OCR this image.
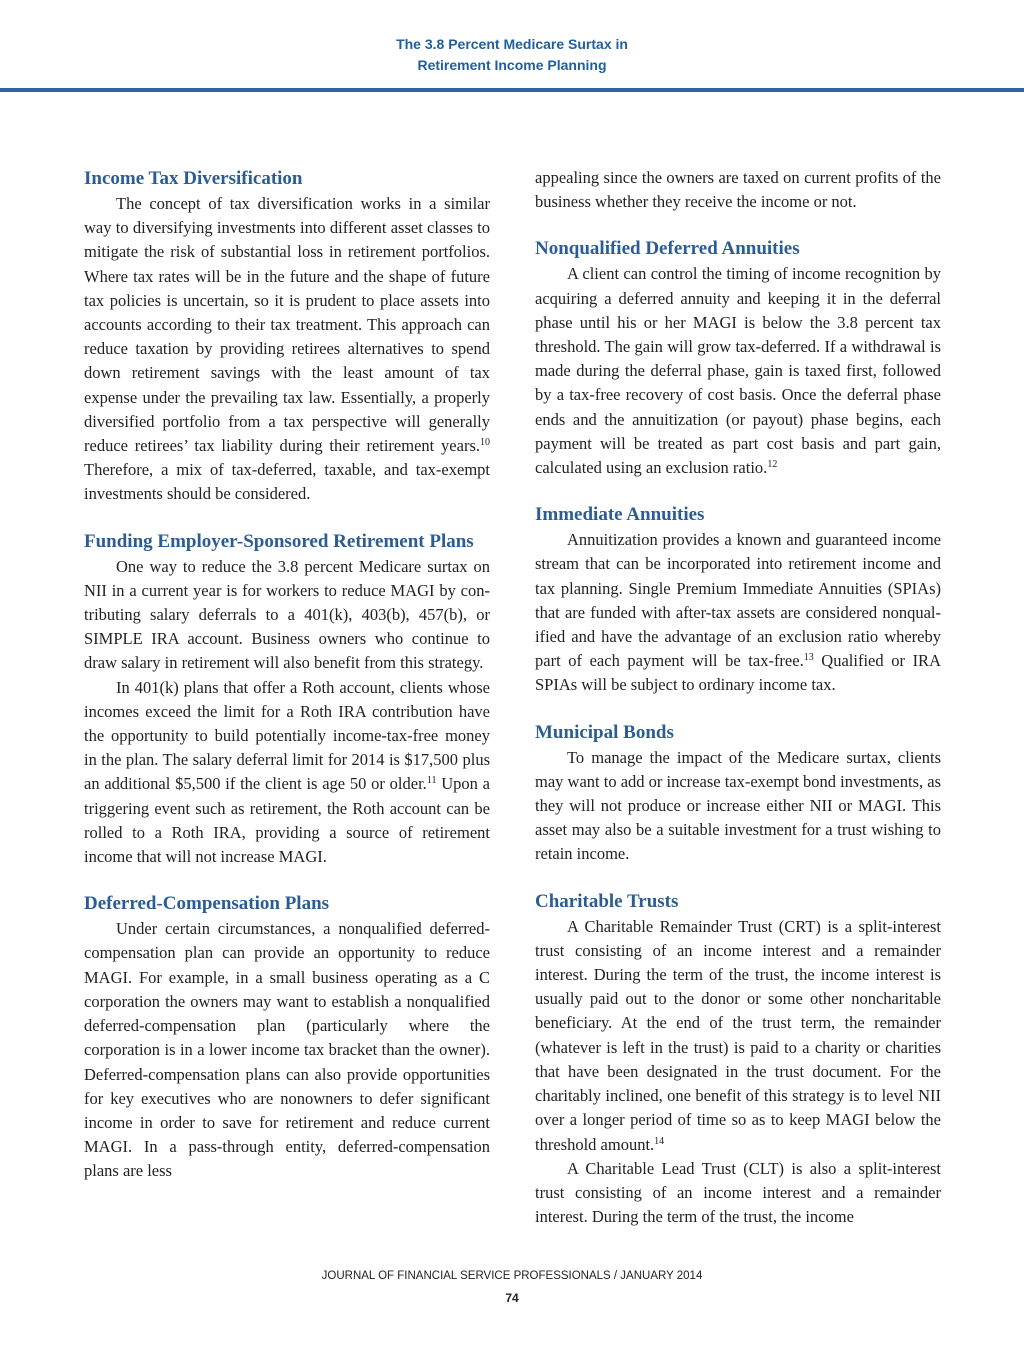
The 3.8 Percent Medicare Surtax in
Retirement Income Planning
Income Tax Diversification

The concept of tax diversification works in a similar way to diversifying investments into different asset classes to mitigate the risk of substantial loss in retirement portfolios. Where tax rates will be in the future and the shape of future tax policies is uncertain, so it is prudent to place assets into accounts according to their tax treatment. This approach can reduce taxation by providing retirees alternatives to spend down retirement savings with the least amount of tax expense under the prevailing tax law. Essentially, a properly diversified portfolio from a tax perspective will generally reduce retirees’ tax liability during their retirement years.$^{10}$ Therefore, a mix of tax-deferred, taxable, and tax-exempt investments should be considered.

Funding Employer-Sponsored Retirement Plans

One way to reduce the 3.8 percent Medicare surtax on NII in a current year is for workers to reduce MAGI by contributing salary deferrals to a 401(k), 403(b), 457(b), or SIMPLE IRA account. Business owners who continue to draw salary in retirement will also benefit from this strategy.

In 401(k) plans that offer a Roth account, clients whose incomes exceed the limit for a Roth IRA contribution have the opportunity to build potentially income-tax-free money in the plan. The salary deferral limit for 2014 is $17,500 plus an additional $5,500 if the client is age 50 or older.$^{11}$ Upon a triggering event such as retirement, the Roth account can be rolled to a Roth IRA, providing a source of retirement income that will not increase MAGI.

Deferred-Compensation Plans

Under certain circumstances, a nonqualified deferred-compensation plan can provide an opportunity to reduce MAGI. For example, in a small business operating as a C corporation the owners may want to establish a nonqualified deferred-compensation plan (particularly where the corporation is in a lower income tax bracket than the owner). Deferred-compensation plans can also provide opportunities for key executives who are nonowners to defer significant income in order to save for retirement and reduce current MAGI. In a pass-through entity, deferred-compensation plans are less

appealing since the owners are taxed on current profits of the business whether they receive the income or not.

Nonqualified Deferred Annuities

A client can control the timing of income recognition by acquiring a deferred annuity and keeping it in the deferral phase until his or her MAGI is below the 3.8 percent tax threshold. The gain will grow tax-deferred. If a withdrawal is made during the deferral phase, gain is taxed first, followed by a tax-free recovery of cost basis. Once the deferral phase ends and the annuitization (or payout) phase begins, each payment will be treated as part cost basis and part gain, calculated using an exclusion ratio.$^{12}$

Immediate Annuities

Annuitization provides a known and guaranteed income stream that can be incorporated into retirement income and tax planning. Single Premium Immediate Annuities (SPIAs) that are funded with after-tax assets are considered nonqualified and have the advantage of an exclusion ratio whereby part of each payment will be tax-free.$^{13}$ Qualified or IRA SPIAs will be subject to ordinary income tax.

Municipal Bonds

To manage the impact of the Medicare surtax, clients may want to add or increase tax-exempt bond investments, as they will not produce or increase either NII or MAGI. This asset may also be a suitable investment for a trust wishing to retain income.

Charitable Trusts

A Charitable Remainder Trust (CRT) is a split-interest trust consisting of an income interest and a remainder interest. During the term of the trust, the income interest is usually paid out to the donor or some other noncharitable beneficiary. At the end of the trust term, the remainder (whatever is left in the trust) is paid to a charity or charities that have been designated in the trust document. For the charitably inclined, one benefit of this strategy is to level NII over a longer period of time so as to keep MAGI below the threshold amount.$^{14}$

A Charitable Lead Trust (CLT) is also a split-interest trust consisting of an income interest and a remainder interest. During the term of the trust, the income

JOURNAL OF FINANCIAL SERVICE PROFESSIONALS / JANUARY 2014
74
